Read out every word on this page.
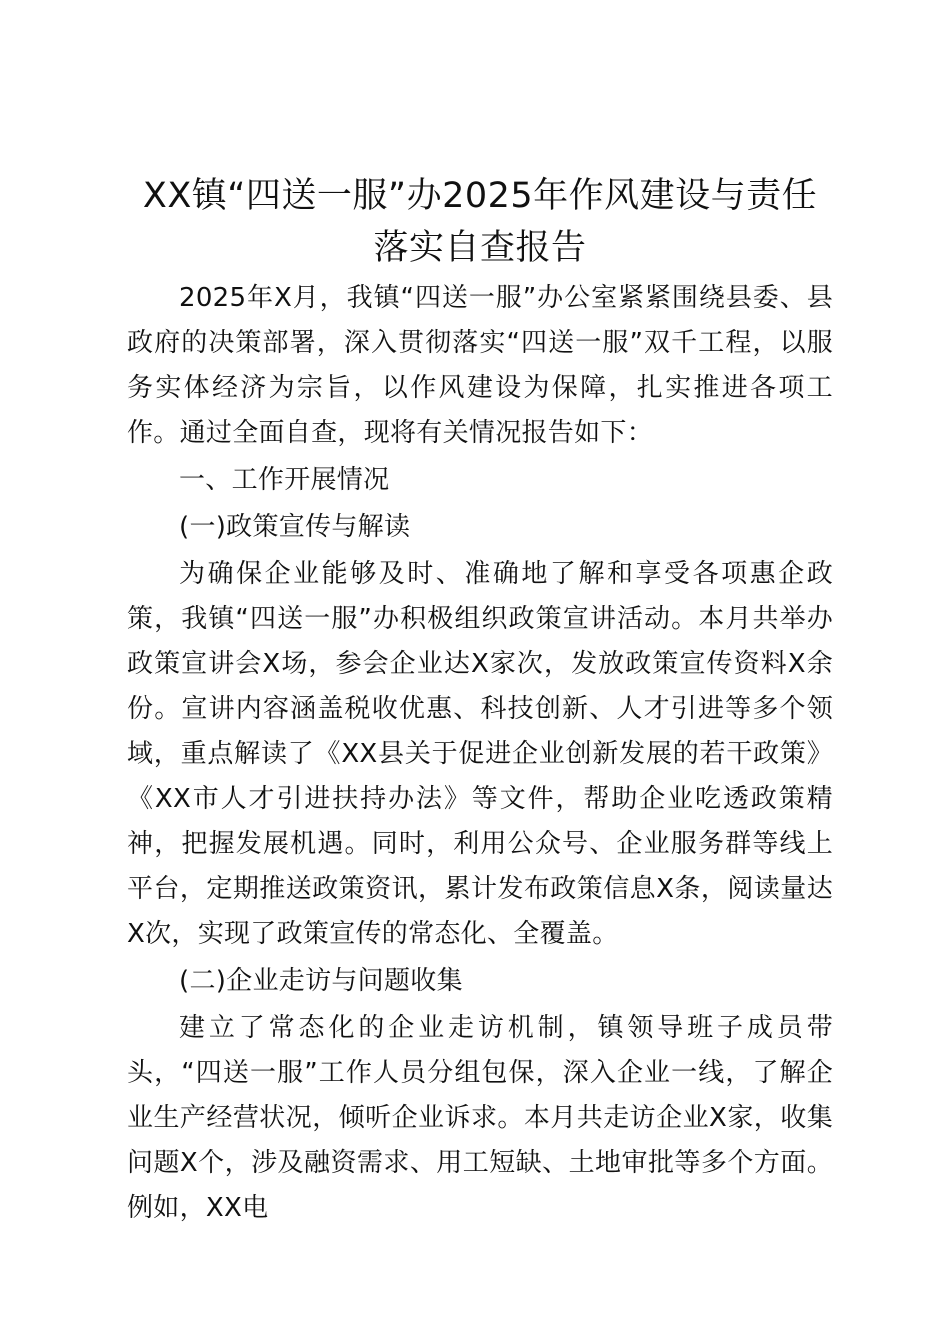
XX镇“四送一服”办2025年作风建设与责任
落实自查报告

2025年X月，我镇“四送一服”办公室紧紧围绕县委、县政府的决策部署，深入贯彻落实“四送一服”双千工程，以服务实体经济为宗旨，以作风建设为保障，扎实推进各项工作。通过全面自查，现将有关情况报告如下：

一、工作开展情况

(一)政策宣传与解读

为确保企业能够及时、准确地了解和享受各项惠企政策，我镇“四送一服”办积极组织政策宣讲活动。本月共举办政策宣讲会X场，参会企业达X家次，发放政策宣传资料X余份。宣讲内容涵盖税收优惠、科技创新、人才引进等多个领域，重点解读了《XX县关于促进企业创新发展的若干政策》《XX市人才引进扶持办法》等文件，帮助企业吃透政策精神，把握发展机遇。同时，利用公众号、企业服务群等线上平台，定期推送政策资讯，累计发布政策信息X条，阅读量达X次，实现了政策宣传的常态化、全覆盖。

(二)企业走访与问题收集

建立了常态化的企业走访机制，镇领导班子成员带头，“四送一服”工作人员分组包保，深入企业一线，了解企业生产经营状况，倾听企业诉求。本月共走访企业X家，收集问题X个，涉及融资需求、用工短缺、土地审批等多个方面。例如，XX电
